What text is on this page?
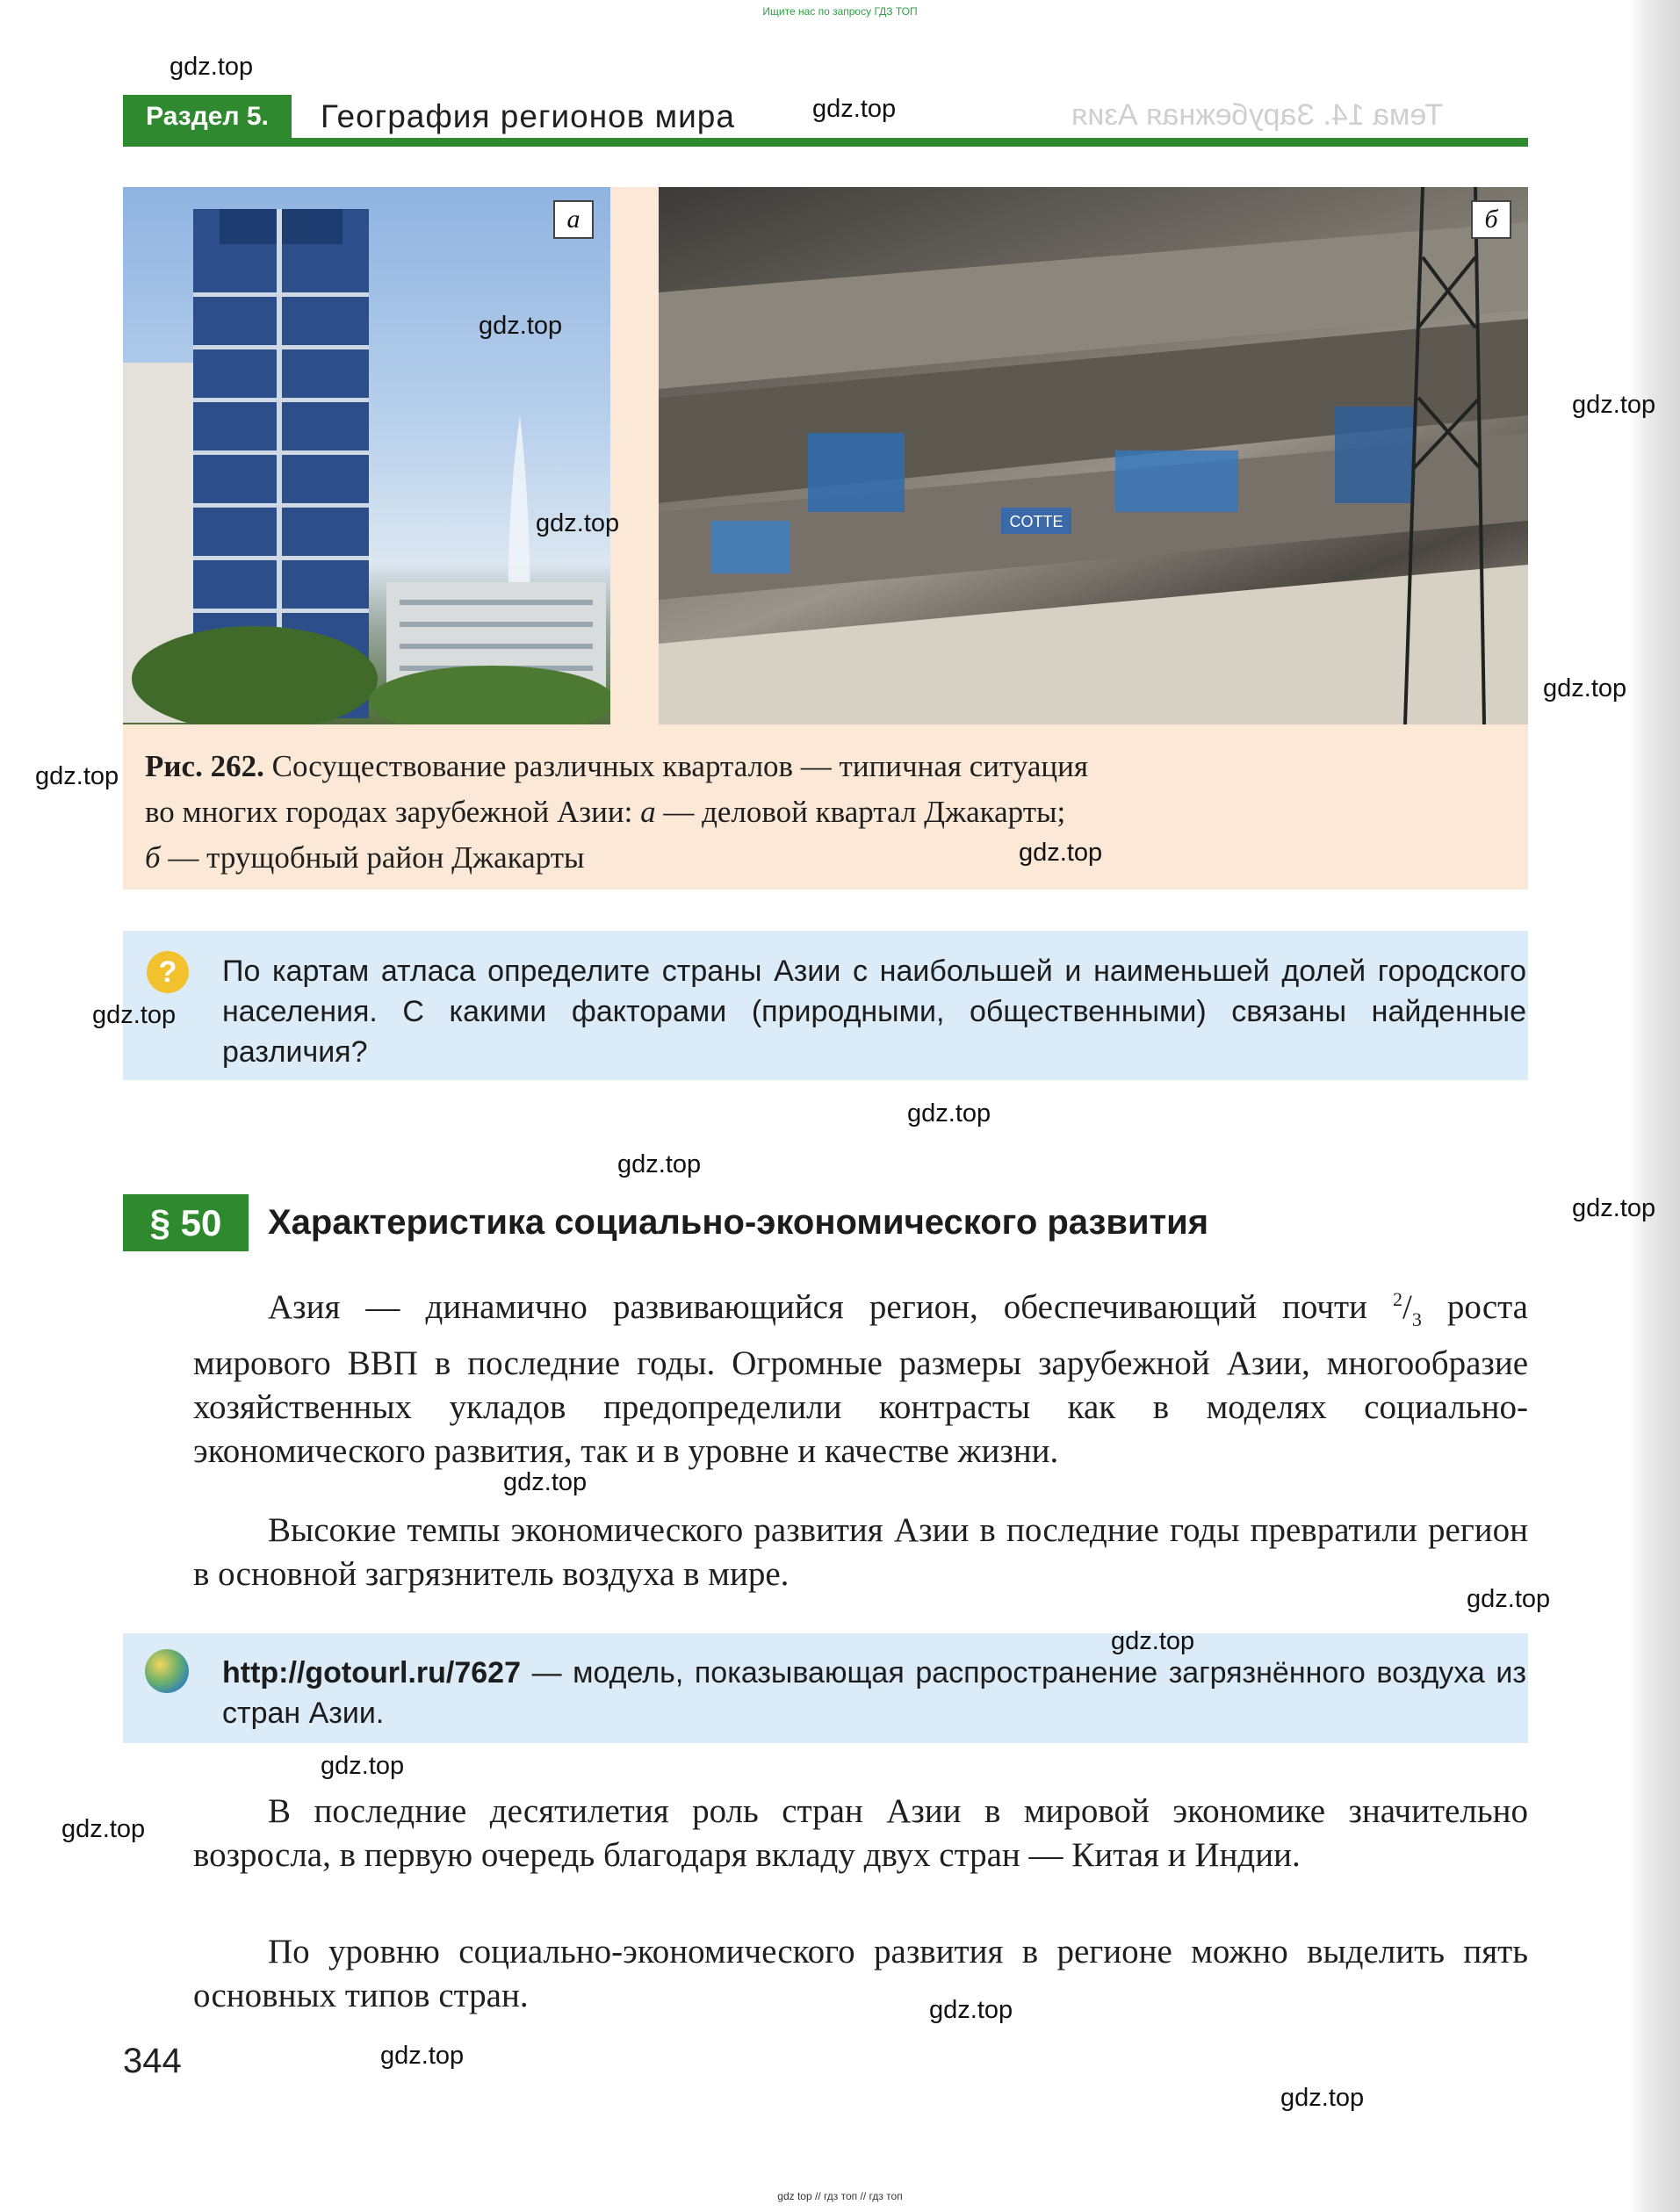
Ищите нас по запросу ГДЗ ТОП
Тема 14. Зарубежная Азия
Раздел 5.	География регионов мира
а
COTTE
б
Рис. 262. Сосуществование различных кварталов — типичная ситуация
во многих городах зарубежной Азии: а — деловой квартал Джакарты;
б — трущобный район Джакарты
?	По картам атласа определите страны Азии с наибольшей и наименьшей долей городского населения. С какими факторами (природными, общественными) связаны найденные различия?
§ 50	Характеристика социально-экономического развития
Азия — динамично развивающийся регион, обеспечивающий почти $^2/_3$ роста мирового ВВП в последние годы. Огромные размеры зарубежной Азии, многообразие хозяйственных укладов предопределили контрасты как в моделях социально-экономического развития, так и в уровне и качестве жизни.
Высокие темпы экономического развития Азии в последние годы превратили регион в основной загрязнитель воздуха в мире.
http://gotourl.ru/7627 — модель, показывающая распространение загрязнённого воздуха из стран Азии.
В последние десятилетия роль стран Азии в мировой экономике значительно возросла, в первую очередь благодаря вкладу двух стран — Китая и Индии.
По уровню социально-экономического развития в регионе можно выделить пять основных типов стран.
344
gdz.top
gdz.top
gdz.top
gdz.top
gdz.top
gdz.top
gdz.top
gdz.top
gdz.top
gdz.top
gdz.top
gdz.top
gdz.top
gdz.top
gdz.top
gdz.top
gdz.top
gdz.top
gdz.top
gdz.top
gdz top // гдз топ // гдз топ
